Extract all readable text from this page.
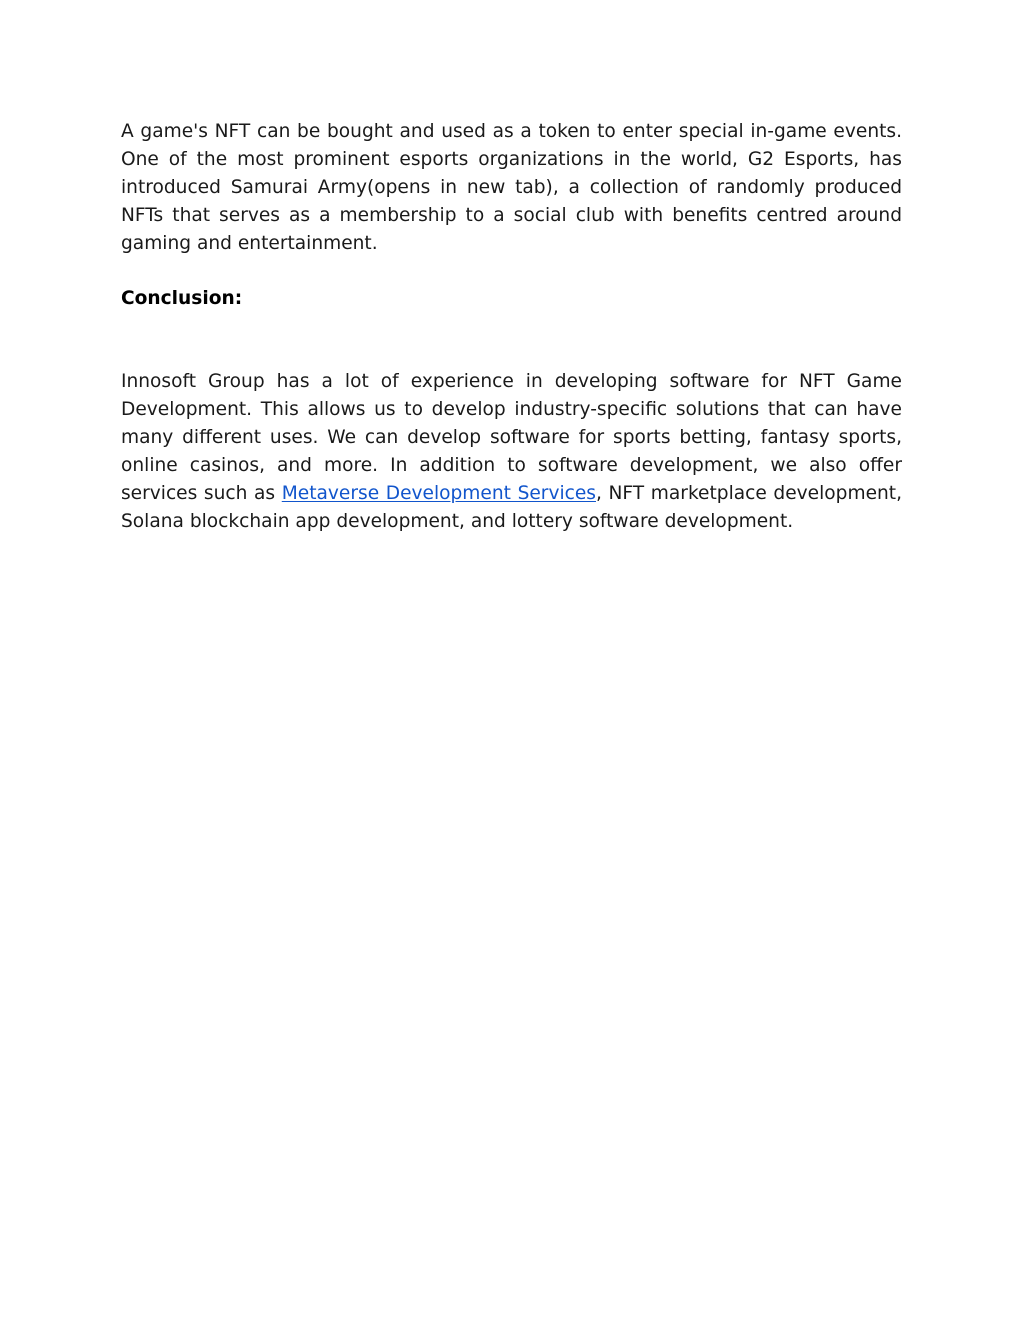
A game's NFT can be bought and used as a token to enter special in-game events. One of the most prominent esports organizations in the world, G2 Esports, has introduced Samurai Army(opens in new tab), a collection of randomly produced NFTs that serves as a membership to a social club with benefits centred around gaming and entertainment.

Conclusion:

Innosoft Group has a lot of experience in developing software for NFT Game Development. This allows us to develop industry-specific solutions that can have many different uses. We can develop software for sports betting, fantasy sports, online casinos, and more. In addition to software development, we also offer services such as Metaverse Development Services, NFT marketplace development, Solana blockchain app development, and lottery software development.
